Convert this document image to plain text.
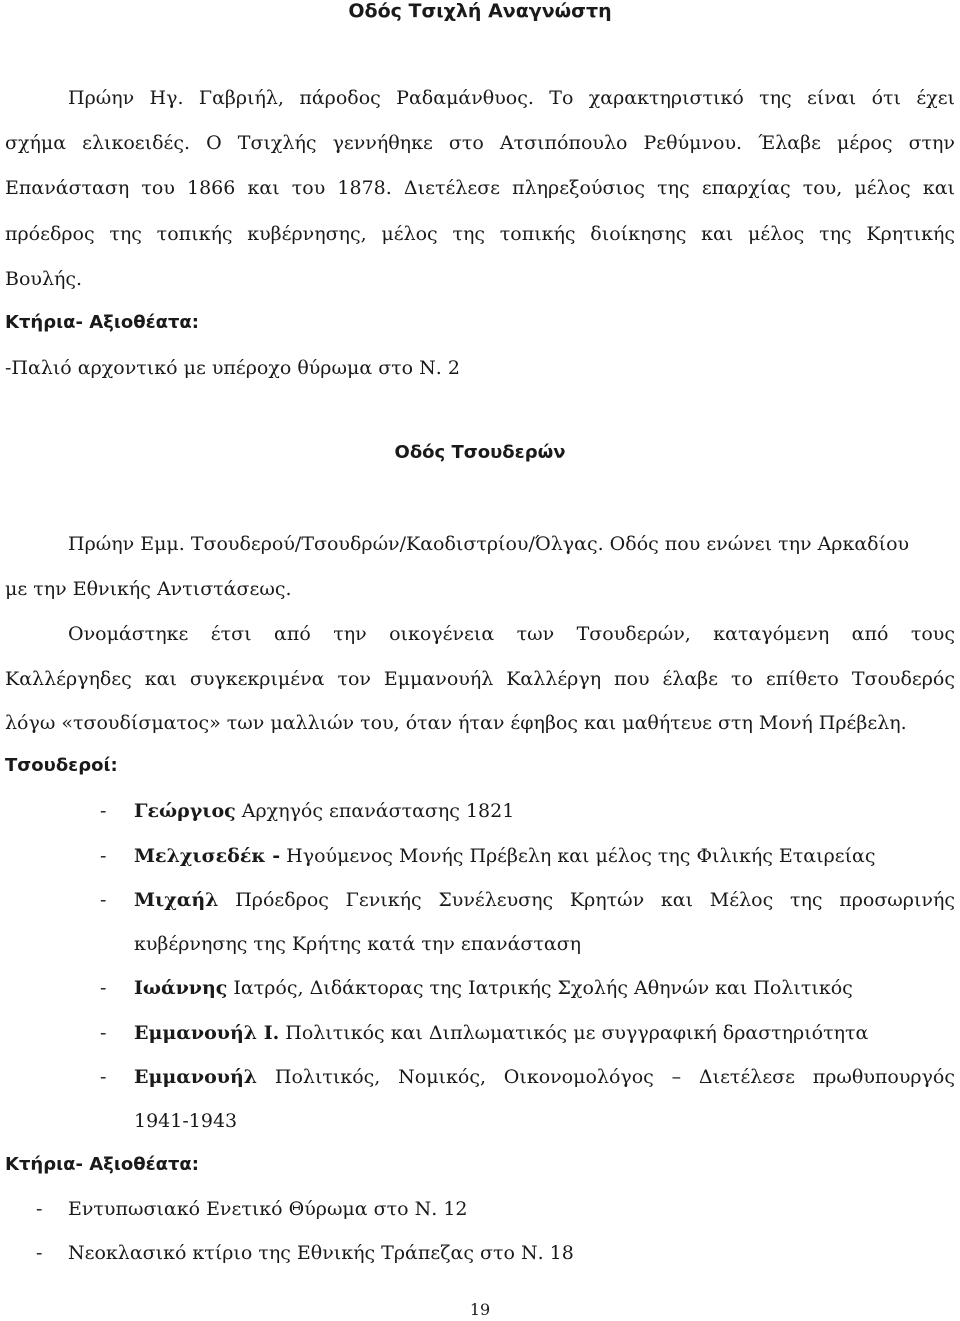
Οδός Τσιχλή Αναγνώστη
Πρώην Ηγ. Γαβριήλ, πάροδος Ραδαμάνθυος. Το χαρακτηριστικό της είναι ότι έχει
σχήμα ελικοειδές. Ο Τσιχλής γεννήθηκε στο Ατσιπόπουλο Ρεθύμνου. Έλαβε μέρος στην
Επανάσταση του 1866 και του 1878. Διετέλεσε πληρεξούσιος της επαρχίας του, μέλος και
πρόεδρος της τοπικής κυβέρνησης, μέλος της τοπικής διοίκησης και μέλος της Κρητικής
Βουλής.
Κτήρια- Αξιοθέατα:
-Παλιό αρχοντικό με υπέροχο θύρωμα στο Ν. 2
Οδός Τσουδερών
Πρώην Εμμ. Τσουδερού/Τσουδρών/Καοδιστρίου/Όλγας. Οδός που ενώνει την Αρκαδίου
με την Εθνικής Αντιστάσεως.
Ονομάστηκε έτσι από την οικογένεια των Τσουδερών, καταγόμενη από τους
Καλλέργηδες και συγκεκριμένα τον Εμμανουήλ Καλλέργη που έλαβε το επίθετο Τσουδερός
λόγω «τσουδίσματος» των μαλλιών του, όταν ήταν έφηβος και μαθήτευε στη Μονή Πρέβελη.
Τσουδεροί:
- Γεώργιος Αρχηγός επανάστασης 1821
- Μελχισεδέκ - Ηγούμενος Μονής Πρέβελη και μέλος της Φιλικής Εταιρείας
- Μιχαήλ Πρόεδρος Γενικής Συνέλευσης Κρητών και Μέλος της προσωρινής
κυβέρνησης της Κρήτης κατά την επανάσταση
- Ιωάννης Ιατρός, Διδάκτορας της Ιατρικής Σχολής Αθηνών και Πολιτικός
- Εμμανουήλ Ι. Πολιτικός και Διπλωματικός με συγγραφική δραστηριότητα
- Εμμανουήλ Πολιτικός, Νομικός, Οικονομολόγος – Διετέλεσε πρωθυπουργός
1941-1943
Κτήρια- Αξιοθέατα:
- Εντυπωσιακό Ενετικό Θύρωμα στο Ν. 12
- Νεοκλασικό κτίριο της Εθνικής Τράπεζας στο Ν. 18
19
